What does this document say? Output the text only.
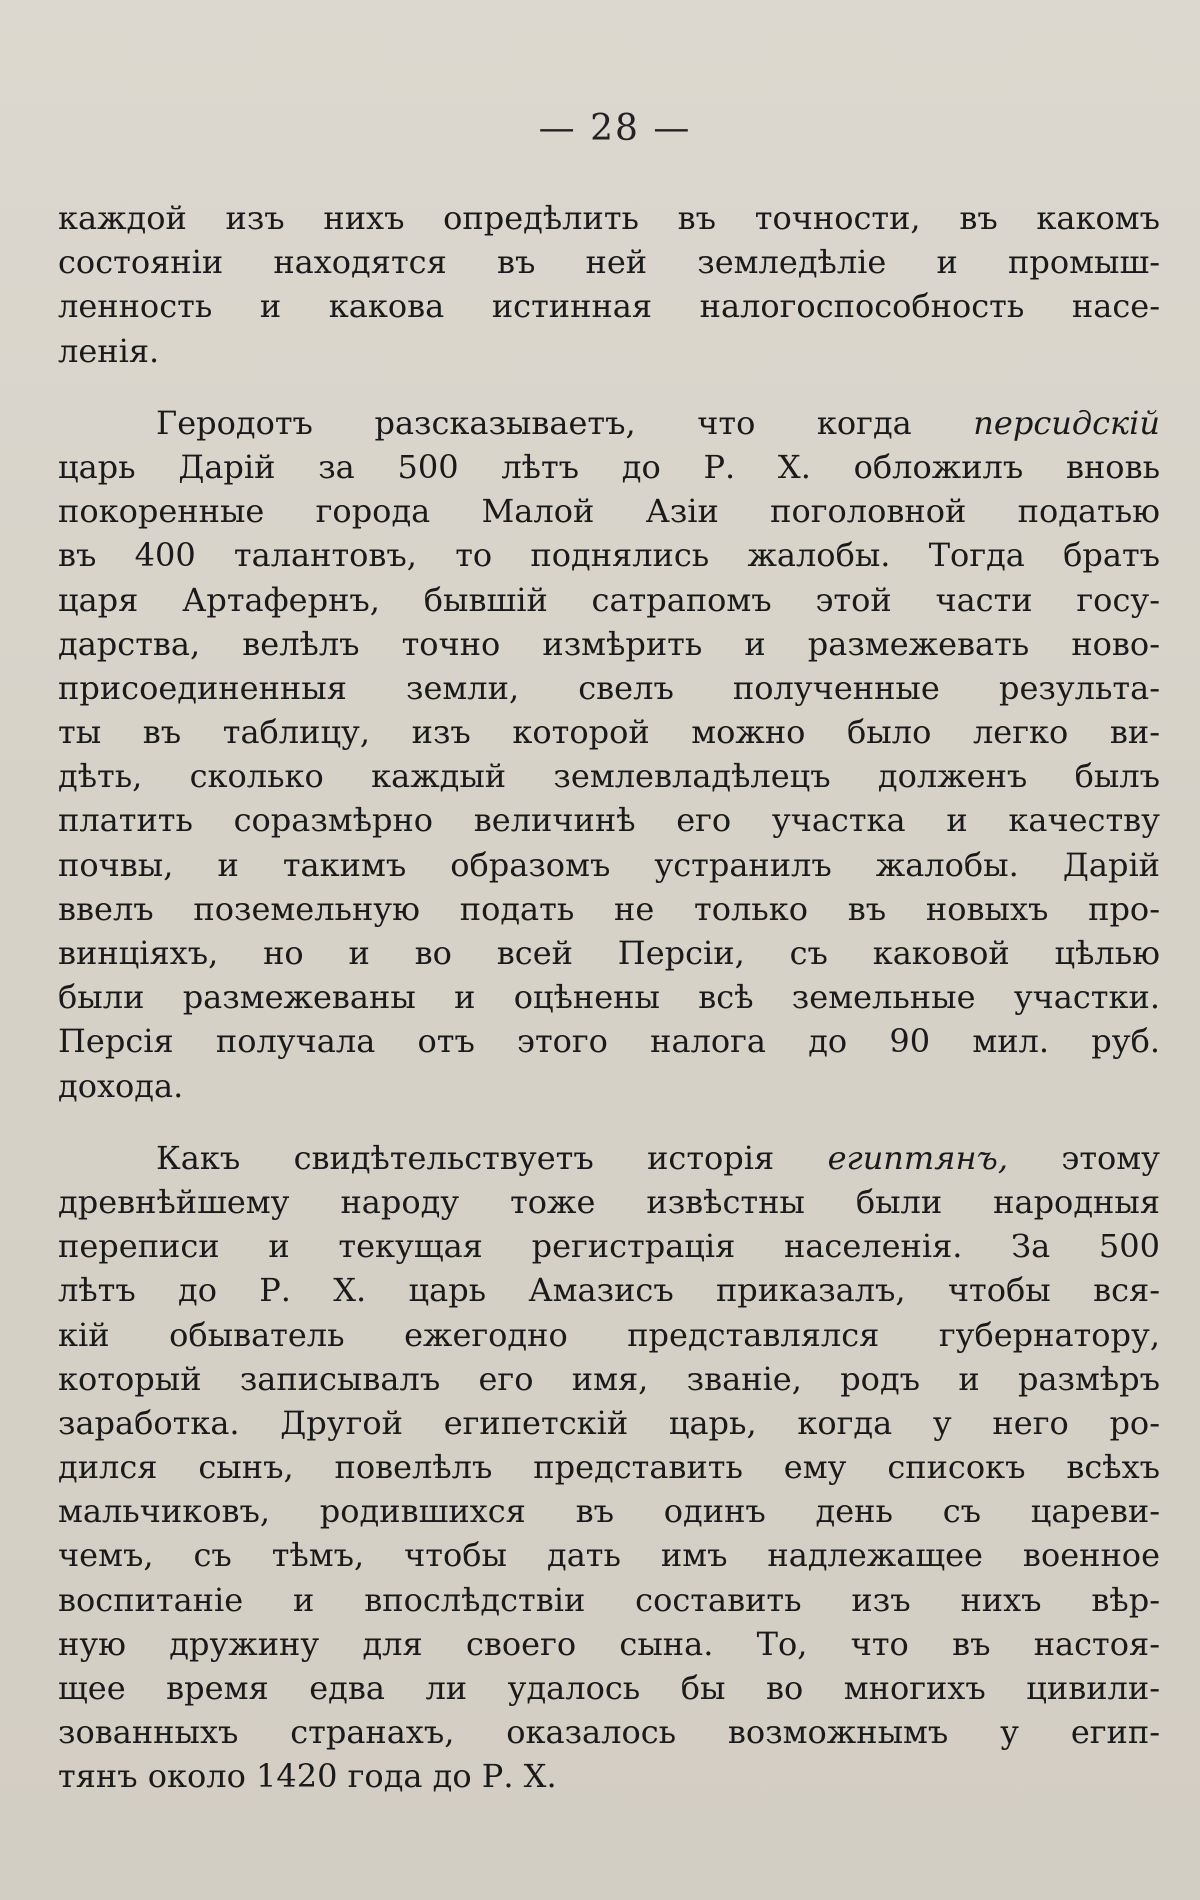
— 28 —
каждой изъ нихъ опредѣлить въ точности, въ какомъ
состояніи находятся въ ней земледѣліе и промыш-
ленность и какова истинная налогоспособность насе-
ленія.
Геродотъ разсказываетъ, что когда персидскій
царь Дарій за 500 лѣтъ до Р. Х. обложилъ вновь
покоренные города Малой Азіи поголовной податью
въ 400 талантовъ, то поднялись жалобы. Тогда братъ
царя Артафернъ, бывшій сатрапомъ этой части госу-
дарства, велѣлъ точно измѣрить и размежевать ново-
присоединенныя земли, свелъ полученные результа-
ты въ таблицу, изъ которой можно было легко ви-
дѣть, сколько каждый землевладѣлецъ долженъ былъ
платить соразмѣрно величинѣ его участка и качеству
почвы, и такимъ образомъ устранилъ жалобы. Дарій
ввелъ поземельную подать не только въ новыхъ про-
винціяхъ, но и во всей Персіи, съ каковой цѣлью
были размежеваны и оцѣнены всѣ земельные участки.
Персія получала отъ этого налога до 90 мил. руб.
дохода.
Какъ свидѣтельствуетъ исторія египтянъ, этому
древнѣйшему народу тоже извѣстны были народныя
переписи и текущая регистрація населенія. За 500
лѣтъ до Р. Х. царь Амазисъ приказалъ, чтобы вся-
кій обыватель ежегодно представлялся губернатору,
который записывалъ его имя, званіе, родъ и размѣръ
заработка. Другой египетскій царь, когда у него ро-
дился сынъ, повелѣлъ представить ему списокъ всѣхъ
мальчиковъ, родившихся въ одинъ день съ цареви-
чемъ, съ тѣмъ, чтобы дать имъ надлежащее военное
воспитаніе и впослѣдствіи составить изъ нихъ вѣр-
ную дружину для своего сына. То, что въ настоя-
щее время едва ли удалось бы во многихъ цивили-
зованныхъ странахъ, оказалось возможнымъ у егип-
тянъ около 1420 года до Р. Х.
